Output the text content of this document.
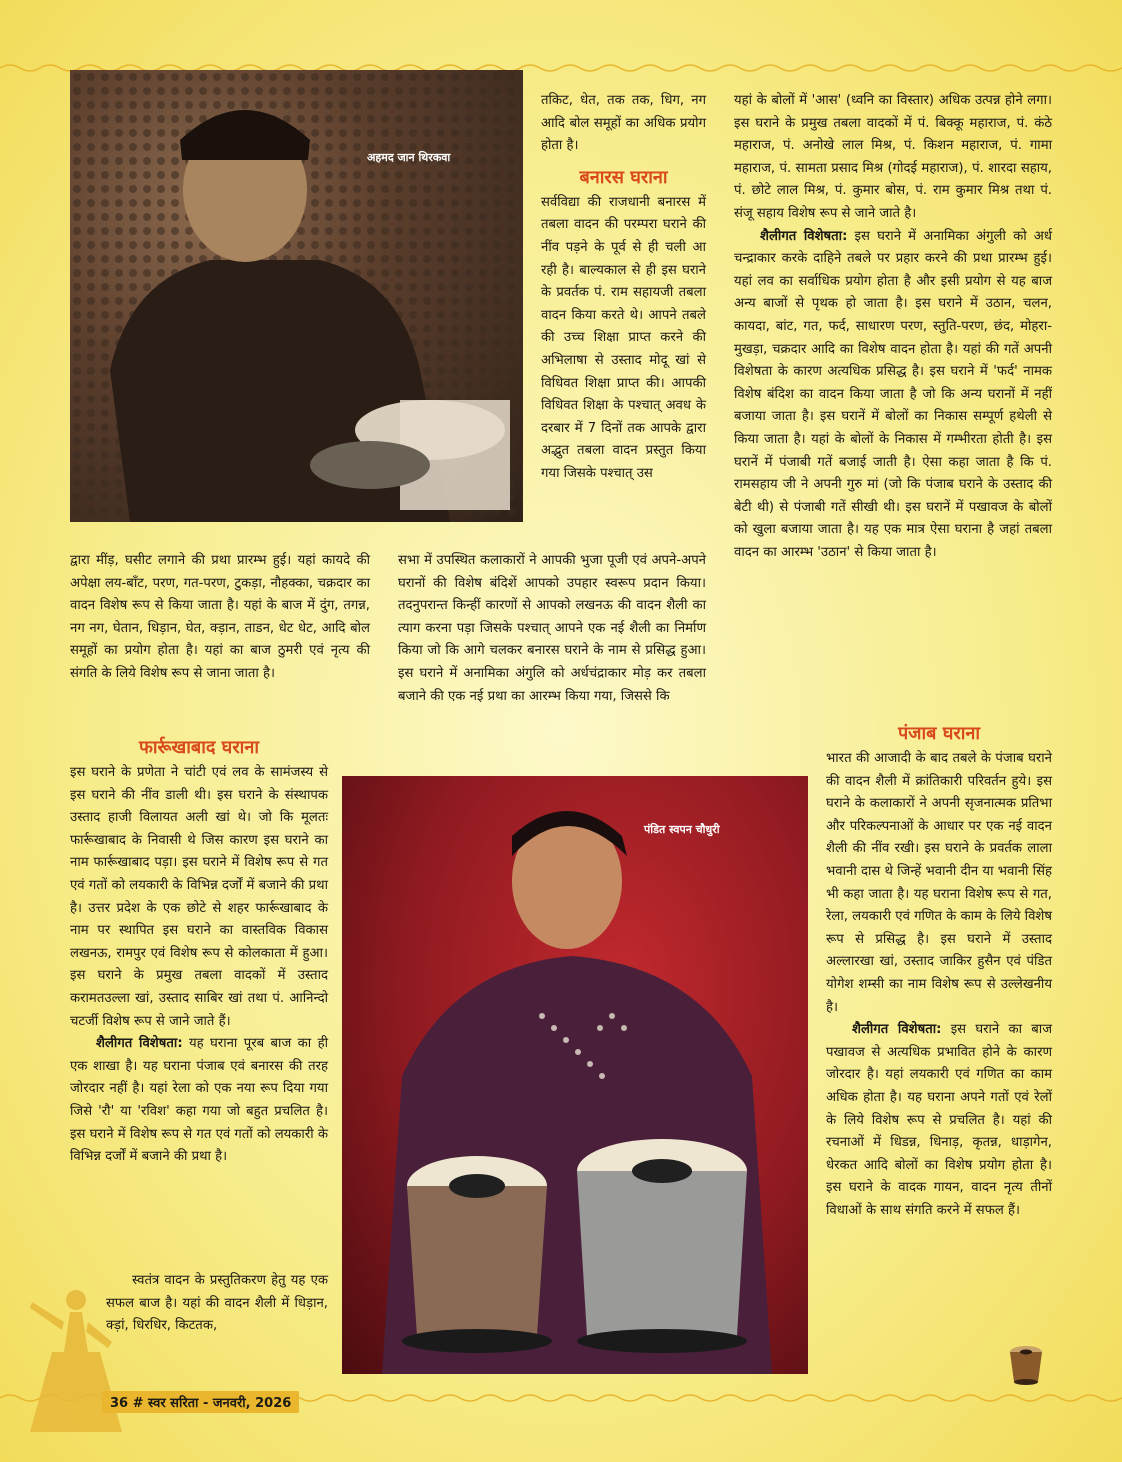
अहमद जान थिरकवा

तकिट, धेत, तक तक, धिग, नग आदि बोल समूहों का अधिक प्रयोग होता है।

बनारस घराना

सर्वविद्या की राजधानी बनारस में तबला वादन की परम्परा घराने की नींव पड़ने के पूर्व से ही चली आ रही है। बाल्यकाल से ही इस घराने के प्रवर्तक पं. राम सहायजी तबला वादन किया करते थे। आपने तबले की उच्च शिक्षा प्राप्त करने की अभिलाषा से उस्ताद मोदू खां से विधिवत शिक्षा प्राप्त की। आपकी विधिवत शिक्षा के पश्चात् अवध के दरबार में 7 दिनों तक आपके द्वारा अद्भुत तबला वादन प्रस्तुत किया गया जिसके पश्चात् उस

द्वारा मींड़, घसीट लगाने की प्रथा प्रारम्भ हुई। यहां कायदे की अपेक्षा लय-बाँट, परण, गत-परण, टुकड़ा, नौहक्का, चक्रदार का वादन विशेष रूप से किया जाता है। यहां के बाज में दुंग, तगन्न, नग नग, घेतान, धिड़ान, घेत, क्ड़ान, ताडन, धेट धेट, आदि बोल समूहों का प्रयोग होता है। यहां का बाज ठुमरी एवं नृत्य की संगति के लिये विशेष रूप से जाना जाता है।

सभा में उपस्थित कलाकारों ने आपकी भुजा पूजी एवं अपने-अपने घरानों की विशेष बंदिशें आपको उपहार स्वरूप प्रदान किया। तदनुपरान्त किन्हीं कारणों से आपको लखनऊ की वादन शैली का त्याग करना पड़ा जिसके पश्चात् आपने एक नई शैली का निर्माण किया जो कि आगे चलकर बनारस घराने के नाम से प्रसिद्ध हुआ। इस घराने में अनामिका अंगुलि को अर्धचंद्राकार मोड़ कर तबला बजाने की एक नई प्रथा का आरम्भ किया गया, जिससे कि

फार्रूखाबाद घराना

इस घराने के प्रणेता ने चांटी एवं लव के सामंजस्य से इस घराने की नींव डाली थी। इस घराने के संस्थापक उस्ताद हाजी विलायत अली खां थे। जो कि मूलतः फार्रूखाबाद के निवासी थे जिस कारण इस घराने का नाम फार्रूखाबाद पड़ा। इस घराने में विशेष रूप से गत एवं गतों को लयकारी के विभिन्न दर्जों में बजाने की प्रथा है। उत्तर प्रदेश के एक छोटे से शहर फार्रूखाबाद के नाम पर स्थापित इस घराने का वास्तविक विकास लखनऊ, रामपुर एवं विशेष रूप से कोलकाता में हुआ। इस घराने के प्रमुख तबला वादकों में उस्ताद करामतउल्ला खां, उस्ताद साबिर खां तथा पं. आनिन्दो चटर्जी विशेष रूप से जाने जाते हैं।

शैलीगत विशेषता: यह घराना पूरब बाज का ही एक शाखा है। यह घराना पंजाब एवं बनारस की तरह जोरदार नहीं है। यहां रेला को एक नया रूप दिया गया जिसे 'रौ' या 'रविश' कहा गया जो बहुत प्रचलित है। इस घराने में विशेष रूप से गत एवं गतों को लयकारी के विभिन्न दर्जों में बजाने की प्रथा है।

स्वतंत्र वादन के प्रस्तुतिकरण हेतु यह एक सफल बाज है। यहां की वादन शैली में धिड़ान, क्ड़ां, धिरधिर, किटतक,

पंडित स्वपन चौधुरी

यहां के बोलों में 'आस' (ध्वनि का विस्तार) अधिक उत्पन्न होने लगा। इस घराने के प्रमुख तबला वादकों में पं. बिक्कू महाराज, पं. कंठे महाराज, पं. अनोखे लाल मिश्र, पं. किशन महाराज, पं. गामा महाराज, पं. सामता प्रसाद मिश्र (गोदई महाराज), पं. शारदा सहाय, पं. छोटे लाल मिश्र, पं. कुमार बोस, पं. राम कुमार मिश्र तथा पं. संजू सहाय विशेष रूप से जाने जाते है।

शैलीगत विशेषता: इस घराने में अनामिका अंगुली को अर्ध चन्द्राकार करके दाहिने तबले पर प्रहार करने की प्रथा प्रारम्भ हुई। यहां लव का सर्वाधिक प्रयोग होता है और इसी प्रयोग से यह बाज अन्य बाजों से पृथक हो जाता है। इस घराने में उठान, चलन, कायदा, बांट, गत, फर्द, साधारण परण, स्तुति-परण, छंद, मोहरा-मुखड़ा, चक्रदार आदि का विशेष वादन होता है। यहां की गतें अपनी विशेषता के कारण अत्यधिक प्रसिद्ध है। इस घराने में 'फर्द' नामक विशेष बंदिश का वादन किया जाता है जो कि अन्य घरानों में नहीं बजाया जाता है। इस घरानें में बोलों का निकास सम्पूर्ण हथेली से किया जाता है। यहां के बोलों के निकास में गम्भीरता होती है। इस घरानें में पंजाबी गतें बजाई जाती है। ऐसा कहा जाता है कि पं. रामसहाय जी ने अपनी गुरु मां (जो कि पंजाब घराने के उस्ताद की बेटी थी) से पंजाबी गतें सीखी थी। इस घरानें में पखावज के बोलों को खुला बजाया जाता है। यह एक मात्र ऐसा घराना है जहां तबला वादन का आरम्भ 'उठान' से किया जाता है।

पंजाब घराना

भारत की आजादी के बाद तबले के पंजाब घराने की वादन शैली में क्रांतिकारी परिवर्तन हुये। इस घराने के कलाकारों ने अपनी सृजनात्मक प्रतिभा और परिकल्पनाओं के आधार पर एक नई वादन शैली की नींव रखी। इस घराने के प्रवर्तक लाला भवानी दास थे जिन्हें भवानी दीन या भवानी सिंह भी कहा जाता है। यह घराना विशेष रूप से गत, रेला, लयकारी एवं गणित के काम के लिये विशेष रूप से प्रसिद्ध है। इस घराने में उस्ताद अल्लारखा खां, उस्ताद जाकिर हुसैन एवं पंडित योगेश शम्सी का नाम विशेष रूप से उल्लेखनीय है।

शैलीगत विशेषता: इस घराने का बाज पखावज से अत्यधिक प्रभावित होने के कारण जोरदार है। यहां लयकारी एवं गणित का काम अधिक होता है। यह घराना अपने गतों एवं रेलों के लिये विशेष रूप से प्रचलित है। यहां की रचनाओं में धिडन्न, धिनाड़, कृतन्न, धाड़ागेन, धेरकत आदि बोलों का विशेष प्रयोग होता है। इस घराने के वादक गायन, वादन नृत्य तीनों विधाओं के साथ संगति करने में सफल हैं।

36 # स्वर सरिता - जनवरी, 2026
